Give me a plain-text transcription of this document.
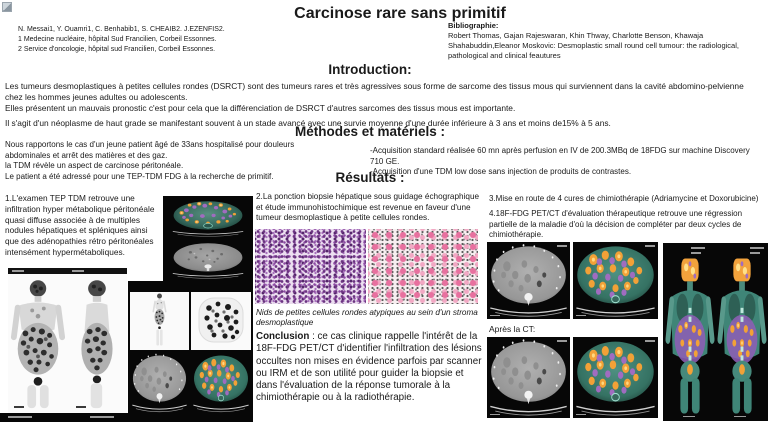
Carcinose rare sans primitif
N. Messai1, Y. Ouamri1, C. Benhabib1, S. CHEAIB2. J.EZENFIS2.
1 Medecine nucléaire, hôpital Sud Francilien, Corbeil Essonnes.
2 Service d'oncologie, hôpital sud Francilien, Corbeil Essonnes.
Bibliographie:
Robert Thomas, Gajan Rajeswaran, Khin Thway, Charlotte Benson, Khawaja Shahabuddin,Eleanor Moskovic: Desmoplastic small round cell tumour: the radiological, pathological and clinical feautures
Introduction:
Les tumeurs desmoplastiques à petites cellules rondes (DSRCT) sont des tumeurs rares et très agressives sous forme de sarcome des tissus mous qui surviennent dans la cavité abdomino-pelvienne chez les hommes jeunes adultes ou adolescents.
Elles présentent un mauvais pronostic c'est pour cela que la différenciation de DSRCT d'autres sarcomes des tissus mous est importante.
Il s'agit d'un néoplasme de haut grade se manifestant souvent à un stade avancé avec une survie moyenne d'une durée inférieure à 3 ans et moins de15% à 5 ans.
Méthodes et matériels :
Nous rapportons le cas d'un jeune patient âgé de 33ans hospitalisé pour douleurs abdominales et arrêt des matières et des gaz.
la TDM révèle un aspect de carcinose péritonéale.
Le patient a été adressé pour une TEP-TDM FDG à la recherche de primitif.
-Acquisition standard réalisée 60 mn après perfusion en IV de 200.3MBq de 18FDG sur machine Discovery 710 GE.
-Acquisition d'une TDM low dose sans injection de produits de contrastes.
Résultats :
1.L'examen TEP TDM retrouve une infiltration hyper métabolique péritonéale quasi diffuse associée à de multiples nodules hépatiques et spléniques ainsi que des adénopathies rétro péritonéales intensément hypermétaboliques.
2.La ponction biopsie hépatique sous guidage échographique et étude immunohistochimique est revenue en faveur d'une tumeur desmoplastique à petite cellules rondes.
Nids de petites cellules rondes atypiques au sein d'un stroma desmoplastique
Conclusion : ce cas clinique rappelle l'intérêt de la 18F-FDG PET/CT d'identifier l'infiltration des lésions occultes non mises en évidence parfois par scanner ou IRM et de son utilité pour guider la biopsie et dans l'évaluation de la réponse tumorale à la chimiothérapie ou à la radiothérapie.
3.Mise en route de 4 cures de chimiothérapie (Adriamycine et Doxorubicine)
4.18F-FDG PET/CT d'évaluation thérapeutique retrouve une régression partielle de la maladie d'où la décision de compléter par deux cycles de chimiothérapie.
Après la CT:
